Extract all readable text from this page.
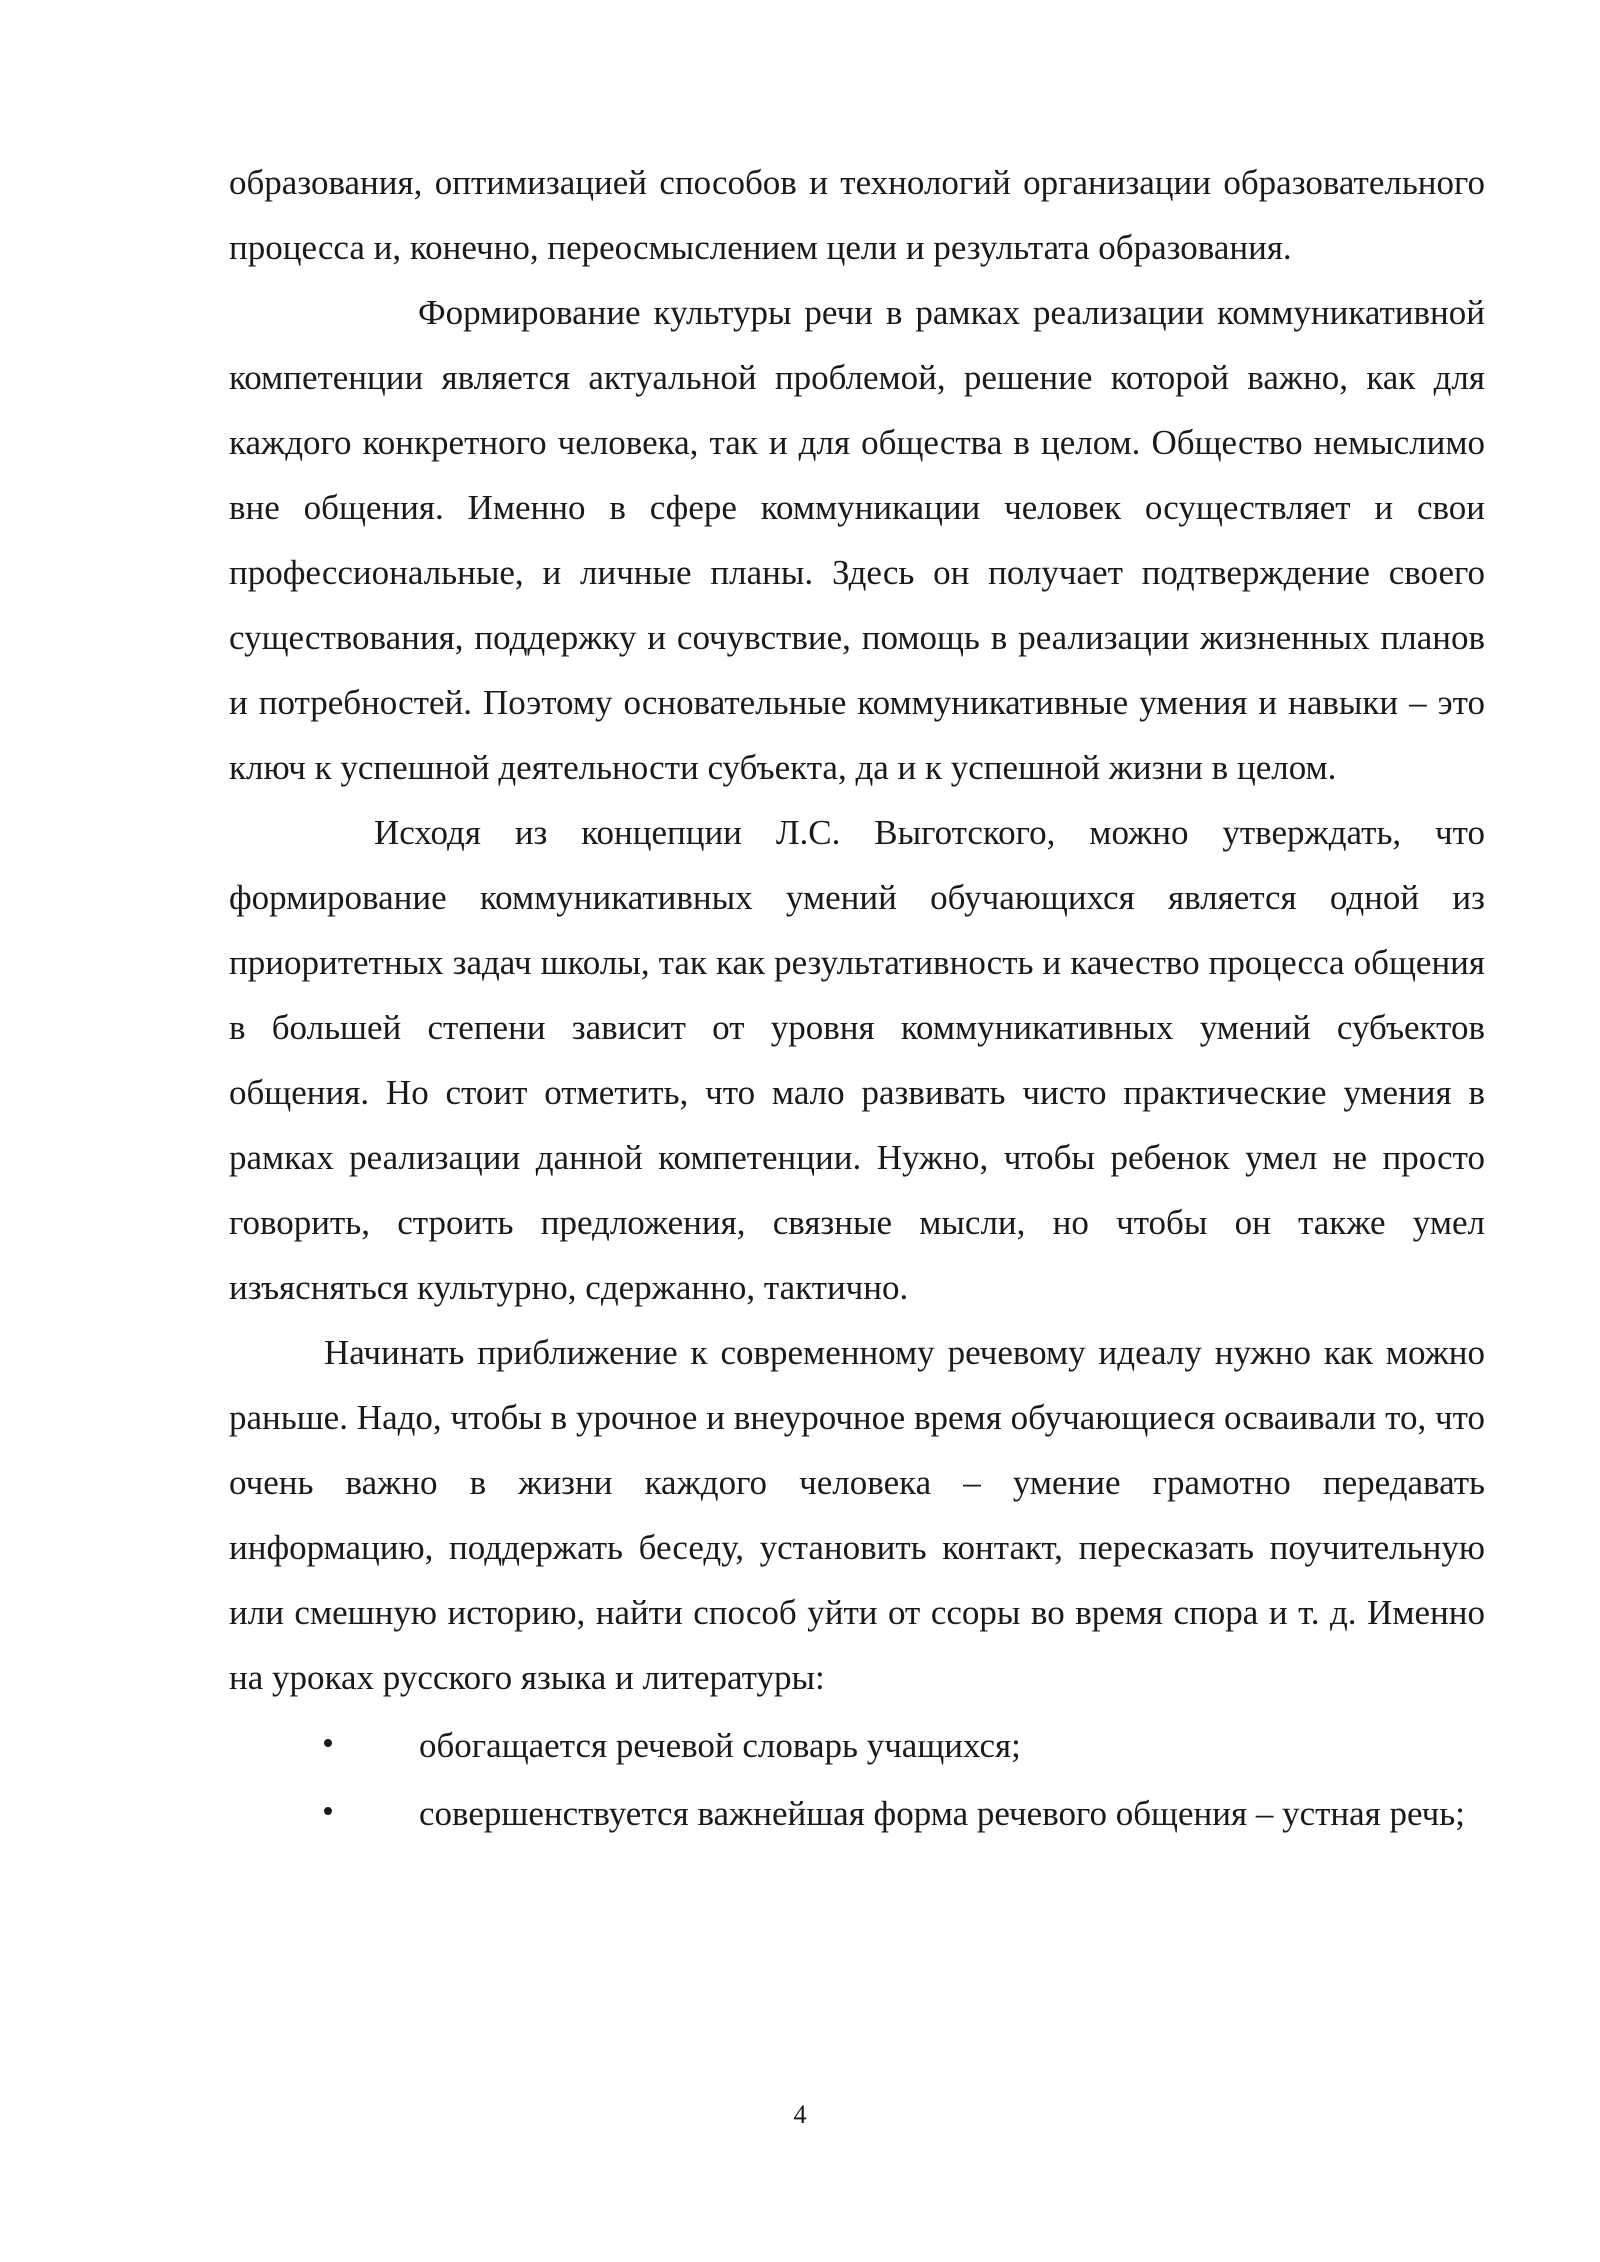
образования, оптимизацией способов и технологий организации образовательного процесса и, конечно, переосмыслением цели и результата образования.

Формирование культуры речи в рамках реализации коммуникативной компетенции является актуальной проблемой, решение которой важно, как для каждого конкретного человека, так и для общества в целом. Общество немыслимо вне общения. Именно в сфере коммуникации человек осуществляет и свои профессиональные, и личные планы. Здесь он получает подтверждение своего существования, поддержку и сочувствие, помощь в реализации жизненных планов и потребностей. Поэтому основательные коммуникативные умения и навыки – это ключ к успешной деятельности субъекта, да и к успешной жизни в целом.

Исходя из концепции Л.С. Выготского, можно утверждать, что формирование коммуникативных умений обучающихся является одной из приоритетных задач школы, так как результативность и качество процесса общения в большей степени зависит от уровня коммуникативных умений субъектов общения. Но стоит отметить, что мало развивать чисто практические умения в рамках реализации данной компетенции. Нужно, чтобы ребенок умел не просто говорить, строить предложения, связные мысли, но чтобы он также умел изъясняться культурно, сдержанно, тактично.

Начинать приближение к современному речевому идеалу нужно как можно раньше. Надо, чтобы в урочное и внеурочное время обучающиеся осваивали то, что очень важно в жизни каждого человека – умение грамотно передавать информацию, поддержать беседу, установить контакт, пересказать поучительную или смешную историю, найти способ уйти от ссоры во время спора и т. д. Именно на уроках русского языка и литературы:

обогащается речевой словарь учащихся;
совершенствуется важнейшая форма речевого общения – устная речь;
4
